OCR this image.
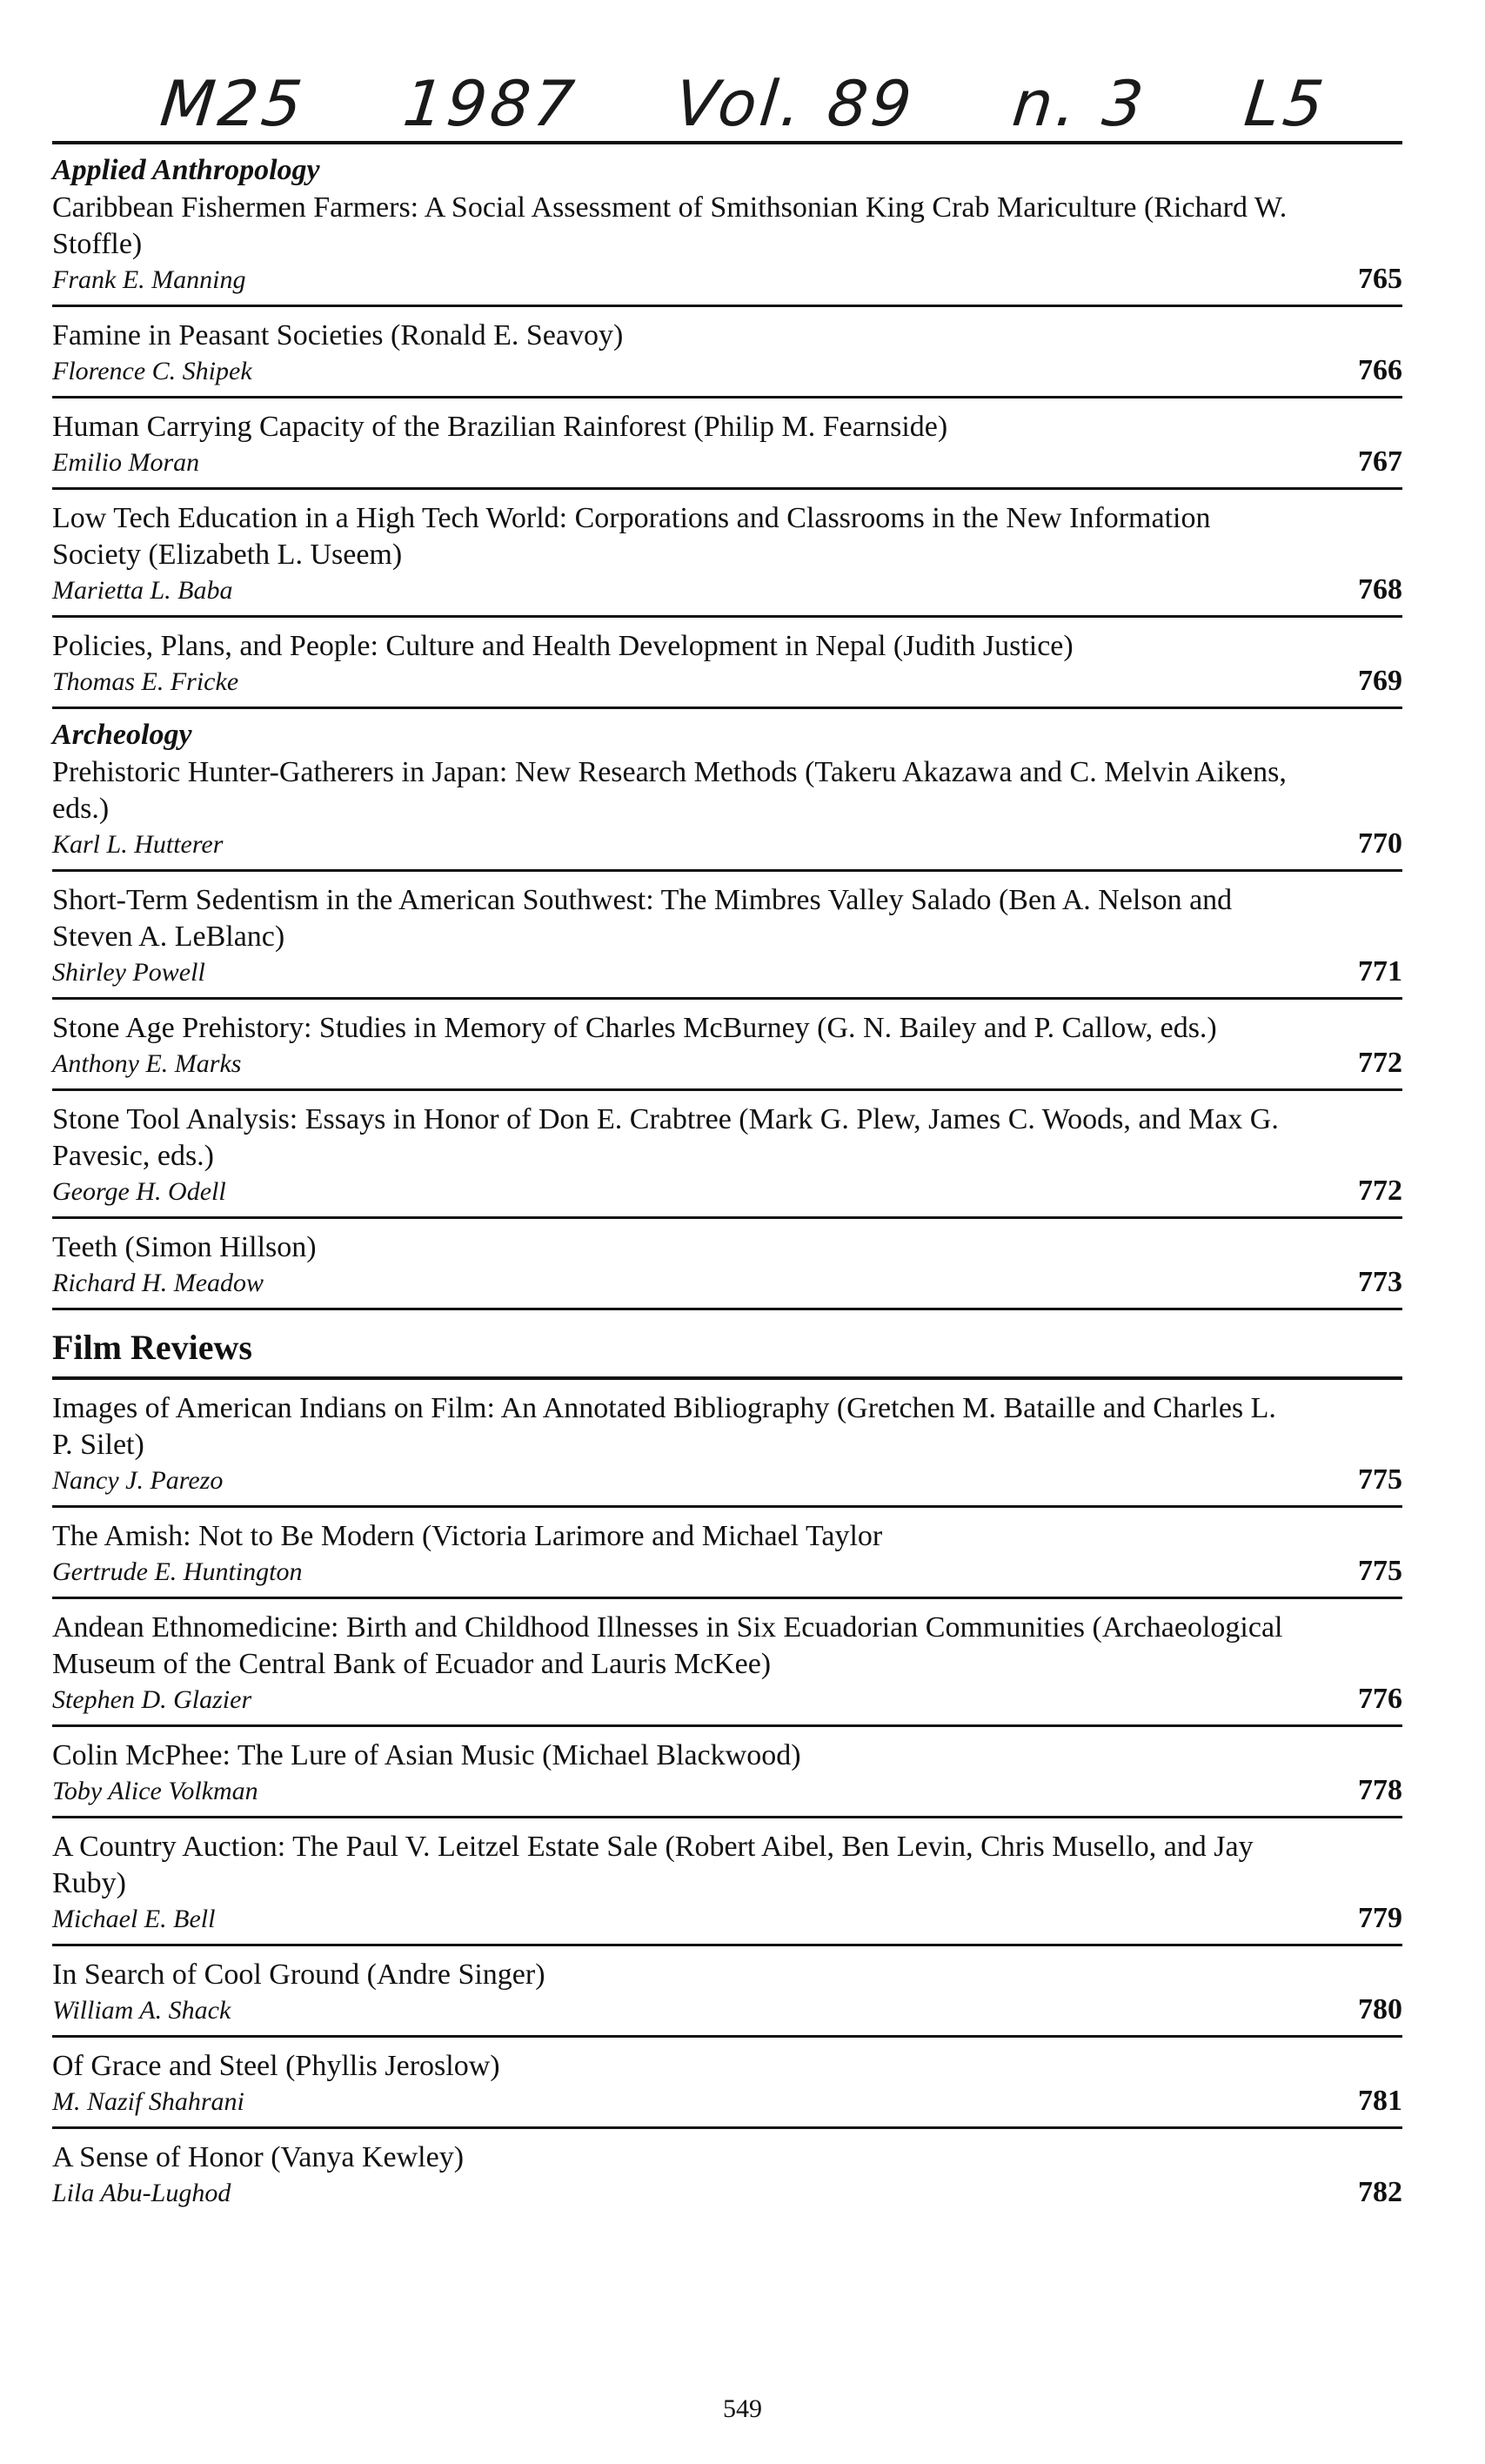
M25 1987 Vol. 89 n. 3 L5
Applied Anthropology
Caribbean Fishermen Farmers: A Social Assessment of Smithsonian King Crab Mariculture (Richard W. Stoffle)
Frank E. Manning	765
Famine in Peasant Societies (Ronald E. Seavoy)
Florence C. Shipek	766
Human Carrying Capacity of the Brazilian Rainforest (Philip M. Fearnside)
Emilio Moran	767
Low Tech Education in a High Tech World: Corporations and Classrooms in the New Information Society (Elizabeth L. Useem)
Marietta L. Baba	768
Policies, Plans, and People: Culture and Health Development in Nepal (Judith Justice)
Thomas E. Fricke	769
Archeology
Prehistoric Hunter-Gatherers in Japan: New Research Methods (Takeru Akazawa and C. Melvin Aikens, eds.)
Karl L. Hutterer	770
Short-Term Sedentism in the American Southwest: The Mimbres Valley Salado (Ben A. Nelson and Steven A. LeBlanc)
Shirley Powell	771
Stone Age Prehistory: Studies in Memory of Charles McBurney (G. N. Bailey and P. Callow, eds.)
Anthony E. Marks	772
Stone Tool Analysis: Essays in Honor of Don E. Crabtree (Mark G. Plew, James C. Woods, and Max G. Pavesic, eds.)
George H. Odell	772
Teeth (Simon Hillson)
Richard H. Meadow	773
Film Reviews
Images of American Indians on Film: An Annotated Bibliography (Gretchen M. Bataille and Charles L. P. Silet)
Nancy J. Parezo	775
The Amish: Not to Be Modern (Victoria Larimore and Michael Taylor
Gertrude E. Huntington	775
Andean Ethnomedicine: Birth and Childhood Illnesses in Six Ecuadorian Communities (Archaeological Museum of the Central Bank of Ecuador and Lauris McKee)
Stephen D. Glazier	776
Colin McPhee: The Lure of Asian Music (Michael Blackwood)
Toby Alice Volkman	778
A Country Auction: The Paul V. Leitzel Estate Sale (Robert Aibel, Ben Levin, Chris Musello, and Jay Ruby)
Michael E. Bell	779
In Search of Cool Ground (Andre Singer)
William A. Shack	780
Of Grace and Steel (Phyllis Jeroslow)
M. Nazif Shahrani	781
A Sense of Honor (Vanya Kewley)
Lila Abu-Lughod	782
549
